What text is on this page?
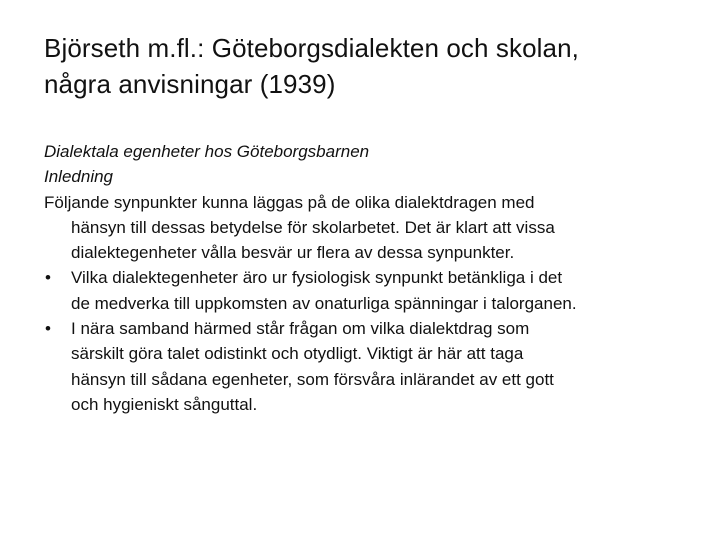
Björseth m.fl.: Göteborgsdialekten och skolan,
några anvisningar (1939)
Dialektala egenheter hos Göteborgsbarnen
Inledning
Följande synpunkter kunna läggas på de olika dialektdragen med
hänsyn till dessas betydelse för skolarbetet. Det är klart att vissa
dialektegenheter vålla besvär ur flera av dessa synpunkter.
•	Vilka dialektegenheter äro ur fysiologisk synpunkt betänkliga i det
de medverka till uppkomsten av onaturliga spänningar i talorganen.
•	I nära samband härmed står frågan om vilka dialektdrag som
särskilt göra talet odistinkt och otydligt. Viktigt är här att taga
hänsyn till sådana egenheter, som försvåra inlärandet av ett gott
och hygieniskt sånguttal.
